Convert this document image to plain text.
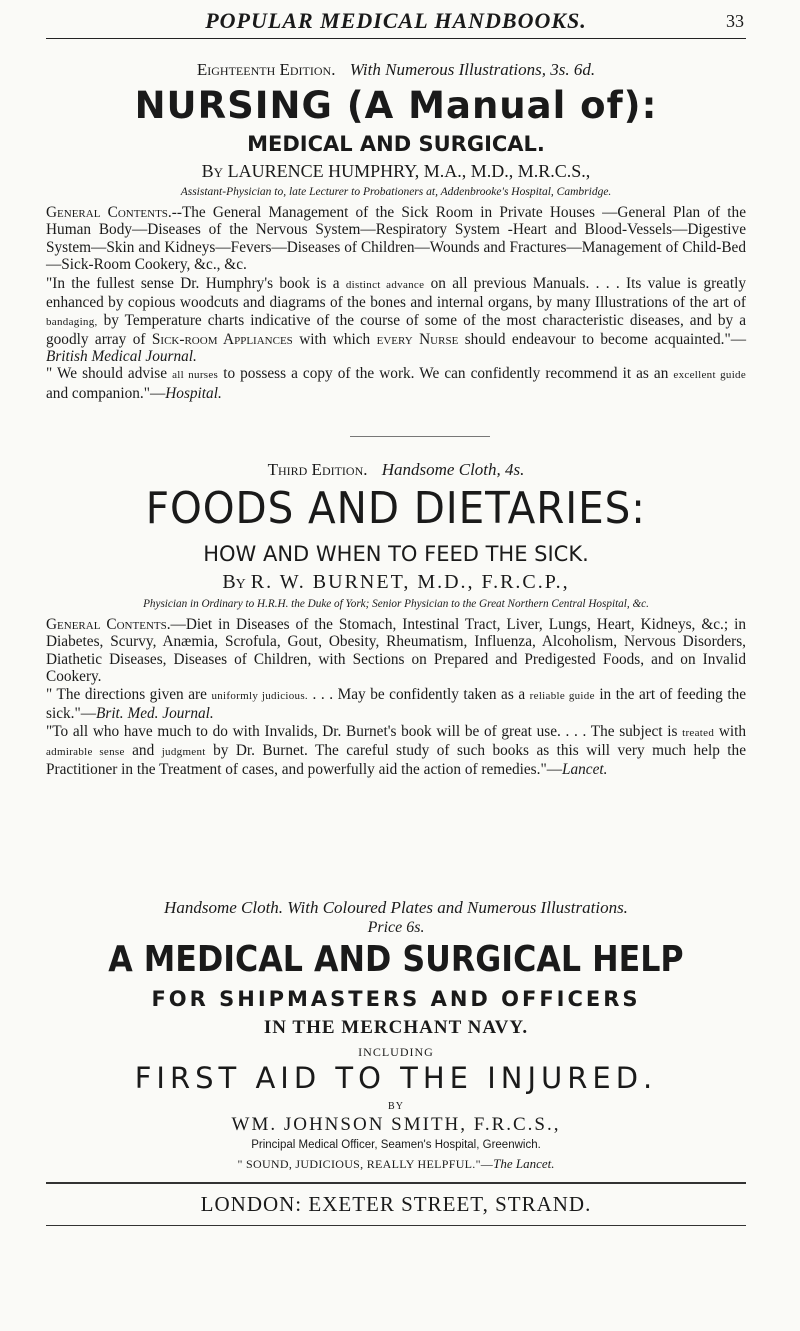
POPULAR MEDICAL HANDBOOKS.	33
Eighteenth Edition. With Numerous Illustrations, 3s. 6d.
NURSING (A Manual of):
MEDICAL AND SURGICAL.
By LAURENCE HUMPHRY, M.A., M.D., M.R.C.S.,
Assistant-Physician to, late Lecturer to Probationers at, Addenbrooke's Hospital, Cambridge.

General Contents.--The General Management of the Sick Room in Private Houses —General Plan of the Human Body—Diseases of the Nervous System—Respiratory System -Heart and Blood-Vessels—Digestive System—Skin and Kidneys—Fevers—Diseases of Children—Wounds and Fractures—Management of Child-Bed—Sick-Room Cookery, &c., &c.

"In the fullest sense Dr. Humphry's book is a distinct advance on all previous Manuals. . . . Its value is greatly enhanced by copious woodcuts and diagrams of the bones and internal organs, by many Illustrations of the art of bandaging, by Temperature charts indicative of the course of some of the most characteristic diseases, and by a goodly array of Sick-room Appliances with which every Nurse should endeavour to become acquainted."—British Medical Journal.
" We should advise all nurses to possess a copy of the work. We can confidently recommend it as an excellent guide and companion."—Hospital.

Third Edition. Handsome Cloth, 4s.
FOODS AND DIETARIES:
HOW AND WHEN TO FEED THE SICK.
By R. W. BURNET, M.D., F.R.C.P.,
Physician in Ordinary to H.R.H. the Duke of York; Senior Physician to the Great Northern Central Hospital, &c.

General Contents.—Diet in Diseases of the Stomach, Intestinal Tract, Liver, Lungs, Heart, Kidneys, &c.; in Diabetes, Scurvy, Anæmia, Scrofula, Gout, Obesity, Rheumatism, Influenza, Alcoholism, Nervous Disorders, Diathetic Diseases, Diseases of Children, with Sections on Prepared and Predigested Foods, and on Invalid Cookery.

" The directions given are uniformly judicious. . . . May be confidently taken as a reliable guide in the art of feeding the sick."—Brit. Med. Journal.
"To all who have much to do with Invalids, Dr. Burnet's book will be of great use. . . . The subject is treated with admirable sense and judgment by Dr. Burnet. The careful study of such books as this will very much help the Practitioner in the Treatment of cases, and powerfully aid the action of remedies."—Lancet.

Handsome Cloth. With Coloured Plates and Numerous Illustrations.
Price 6s.
A MEDICAL AND SURGICAL HELP
FOR SHIPMASTERS AND OFFICERS
IN THE MERCHANT NAVY.
INCLUDING
FIRST AID TO THE INJURED.
BY
WM. JOHNSON SMITH, F.R.C.S.,
Principal Medical Officer, Seamen's Hospital, Greenwich.
" SOUND, JUDICIOUS, REALLY HELPFUL."—The Lancet.
LONDON: EXETER STREET, STRAND.
